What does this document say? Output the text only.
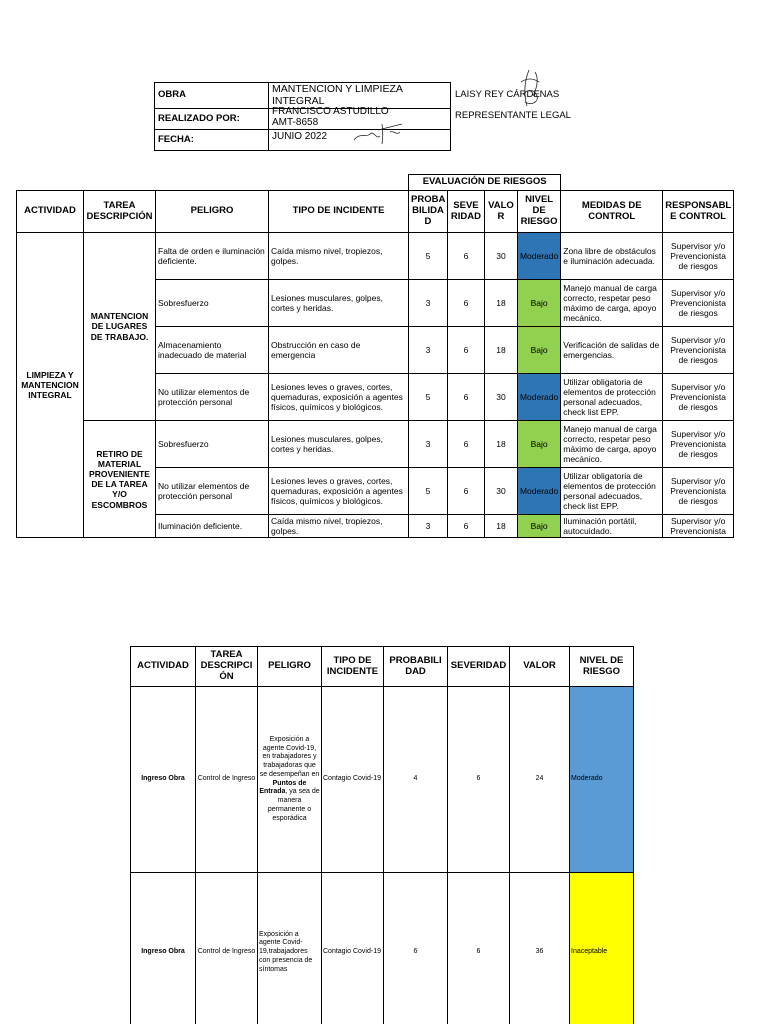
OBRA	MANTENCION Y LIMPIEZA INTEGRAL
REALIZADO POR:	FRANCISCO ASTUDILLO
AMT-8658

FECHA:	JUNIO 2022
LAISY REY CÁRDENAS
REPRESENTANTE LEGAL
				EVALUACIÓN DE RIESGOS					
ACTIVIDAD	TAREA DESCRIPCIÓN	PELIGRO	TIPO DE INCIDENTE	PROBA BILIDA D	SEVE RIDAD	VALO R	NIVEL DE RIESGO	MEDIDAS DE CONTROL	RESPONSABL E CONTROL
LIMPIEZA Y MANTENCION INTEGRAL	MANTENCION DE LUGARES DE TRABAJO.	Falta de orden e iluminación deficiente.	Caída mismo nivel, tropiezos, golpes.	5	6	30	Moderado	Zona libre de obstáculos e iluminación adecuada.	Supervisor y/o Prevencionista de riesgos
		Sobresfuerzo	Lesiones musculares, golpes, cortes y heridas.	3	6	18	Bajo	Manejo manual de carga correcto, respetar peso máximo de carga, apoyo mecánico.	Supervisor y/o Prevencionista de riesgos
		Almacenamiento inadecuado de material	Obstrucción en caso de emergencia	3	6	18	Bajo	Verificación de salidas de emergencias.	Supervisor y/o Prevencionista de riesgos
		No utilizar elementos de protección personal	Lesiones leves o graves, cortes, quemaduras, exposición a agentes físicos, químicos y biológicos.	5	6	30	Moderado	Utilizar obligatoria de elementos de protección personal adecuados, check list EPP.	Supervisor y/o Prevencionista de riesgos
	RETIRO DE MATERIAL PROVENIENTE DE LA TAREA Y/O ESCOMBROS	Sobresfuerzo	Lesiones musculares, golpes, cortes y heridas.	3	6	18	Bajo	Manejo manual de carga correcto, respetar peso máximo de carga, apoyo mecánico.	Supervisor y/o Prevencionista de riesgos
		No utilizar elementos de protección personal	Lesiones leves o graves, cortes, quemaduras, exposición a agentes físicos, químicos y biológicos.	5	6	30	Moderado	Utilizar obligatoria de elementos de protección personal adecuados, check list EPP.	Supervisor y/o Prevencionista de riesgos
		Iluminación deficiente.	Caída mismo nivel, tropiezos, golpes.	3	6	18	Bajo	Iluminación portátil, autocuidado.	Supervisor y/o Prevencionista
ACTIVIDAD	TAREA DESCRIPCI ÓN	PELIGRO	TIPO DE INCIDENTE	PROBABILI DAD	SEVERIDAD	VALOR	NIVEL DE RIESGO
Ingreso Obra	Control de Ingreso	Exposición a agente Covid-19, en trabajadores y trabajadoras que se desempeñan en Puntos de Entrada, ya sea de manera permanente o esporádica	Contagio Covid-19	4	6	24	Moderado
Ingreso Obra	Control de Ingreso	Exposición a agente Covid-19,trabajadores con presencia de síntomas	Contagio Covid-19	6	6	36	Inaceptable
